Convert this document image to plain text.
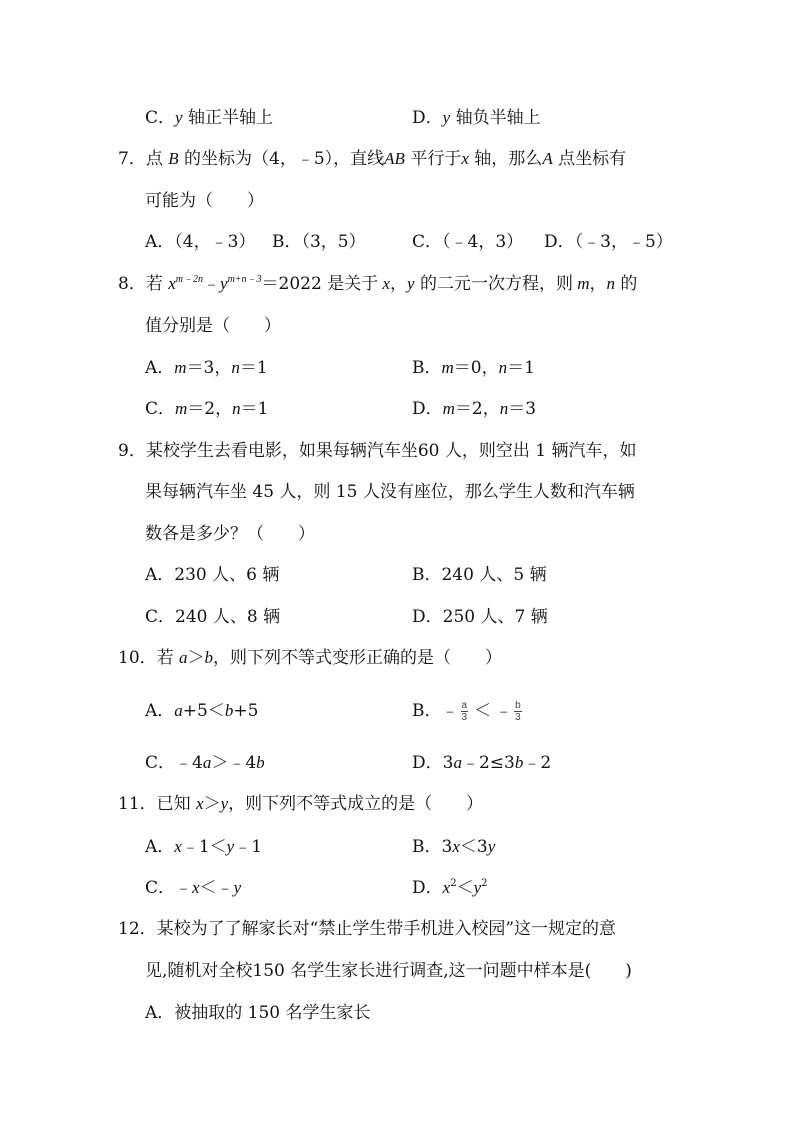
C．y 轴正半轴上	D．y 轴负半轴上
7．点 B 的坐标为（4，﹣5），直线AB 平行于x 轴，那么A 点坐标有
可能为（　　）
A．（4，﹣3） B．（3，5）	C．（﹣4，3） D．（﹣3，﹣5）
8．若 $x^{m﹣2n}﹣y^{m+n﹣3}=2022$ 是关于 x，y 的二元一次方程，则 m，n 的
值分别是（　　）
A．m＝3，n＝1	B．m＝0，n＝1
C．m＝2，n＝1	D．m＝2，n＝3
9．某校学生去看电影，如果每辆汽车坐60 人，则空出 1 辆汽车，如
果每辆汽车坐 45 人，则 15 人没有座位，那么学生人数和汽车辆
数各是多少？（　　）
A．230 人、6 辆	B．240 人、5 辆
C．240 人、8 辆	D．250 人、7 辆
10．若 a＞b，则下列不等式变形正确的是（　　）
A．a+5＜b+5	B．﹣ $\frac{a}{3}$ ＜ ﹣ $\frac{b}{3}$
C．﹣4a＞﹣4b	D．3a﹣2≤3b﹣2
11．已知 x＞y，则下列不等式成立的是（　　）
A．x﹣1＜y﹣1	B．3x＜3y
C．﹣x＜﹣y	D．$x^2<y^2$
12．某校为了了解家长对“禁止学生带手机进入校园”这一规定的意
见,随机对全校150 名学生家长进行调查,这一问题中样本是(　　)
A．被抽取的 150 名学生家长
